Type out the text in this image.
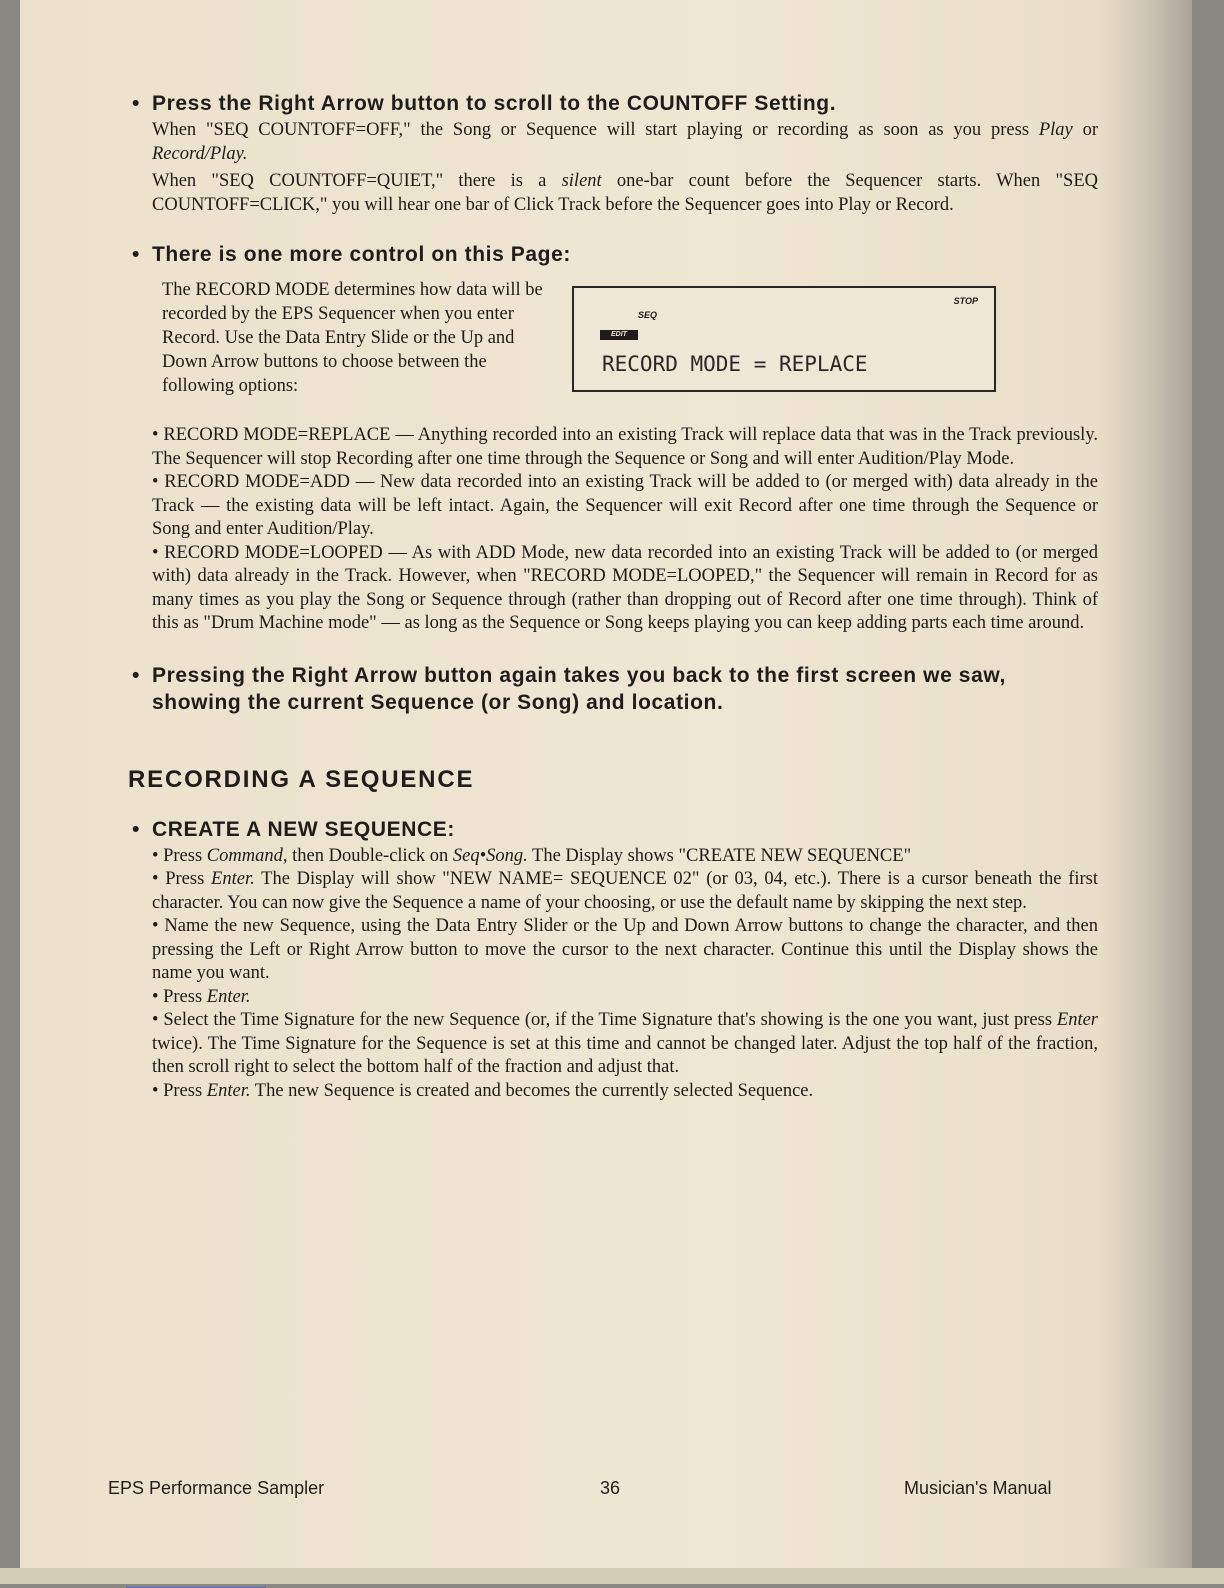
• Press the Right Arrow button to scroll to the COUNTOFF Setting.

When "SEQ COUNTOFF=OFF," the Song or Sequence will start playing or recording as soon as you press Play or Record/Play.

When "SEQ COUNTOFF=QUIET," there is a silent one-bar count before the Sequencer starts. When "SEQ COUNTOFF=CLICK," you will hear one bar of Click Track before the Sequencer goes into Play or Record.

• There is one more control on this Page:
The RECORD MODE determines how data will be recorded by the EPS Sequencer when you enter Record. Use the Data Entry Slide or the Up and Down Arrow buttons to choose between the following options:
STOP
SEQ
EDIT
RECORD MODE = REPLACE

• RECORD MODE=REPLACE — Anything recorded into an existing Track will replace data that was in the Track previously. The Sequencer will stop Recording after one time through the Sequence or Song and will enter Audition/Play Mode.

• RECORD MODE=ADD — New data recorded into an existing Track will be added to (or merged with) data already in the Track — the existing data will be left intact. Again, the Sequencer will exit Record after one time through the Sequence or Song and enter Audition/Play.

• RECORD MODE=LOOPED — As with ADD Mode, new data recorded into an existing Track will be added to (or merged with) data already in the Track. However, when "RECORD MODE=LOOPED," the Sequencer will remain in Record for as many times as you play the Song or Sequence through (rather than dropping out of Record after one time through). Think of this as "Drum Machine mode" — as long as the Sequence or Song keeps playing you can keep adding parts each time around.

• Pressing the Right Arrow button again takes you back to the first screen we saw, showing the current Sequence (or Song) and location.
RECORDING A SEQUENCE
• CREATE A NEW SEQUENCE:

• Press Command, then Double-click on Seq•Song. The Display shows "CREATE NEW SEQUENCE"

• Press Enter. The Display will show "NEW NAME= SEQUENCE 02" (or 03, 04, etc.). There is a cursor beneath the first character. You can now give the Sequence a name of your choosing, or use the default name by skipping the next step.

• Name the new Sequence, using the Data Entry Slider or the Up and Down Arrow buttons to change the character, and then pressing the Left or Right Arrow button to move the cursor to the next character. Continue this until the Display shows the name you want.

• Press Enter.

• Select the Time Signature for the new Sequence (or, if the Time Signature that's showing is the one you want, just press Enter twice). The Time Signature for the Sequence is set at this time and cannot be changed later. Adjust the top half of the fraction, then scroll right to select the bottom half of the fraction and adjust that.

• Press Enter. The new Sequence is created and becomes the currently selected Sequence.

EPS Performance Sampler	36	Musician's Manual
